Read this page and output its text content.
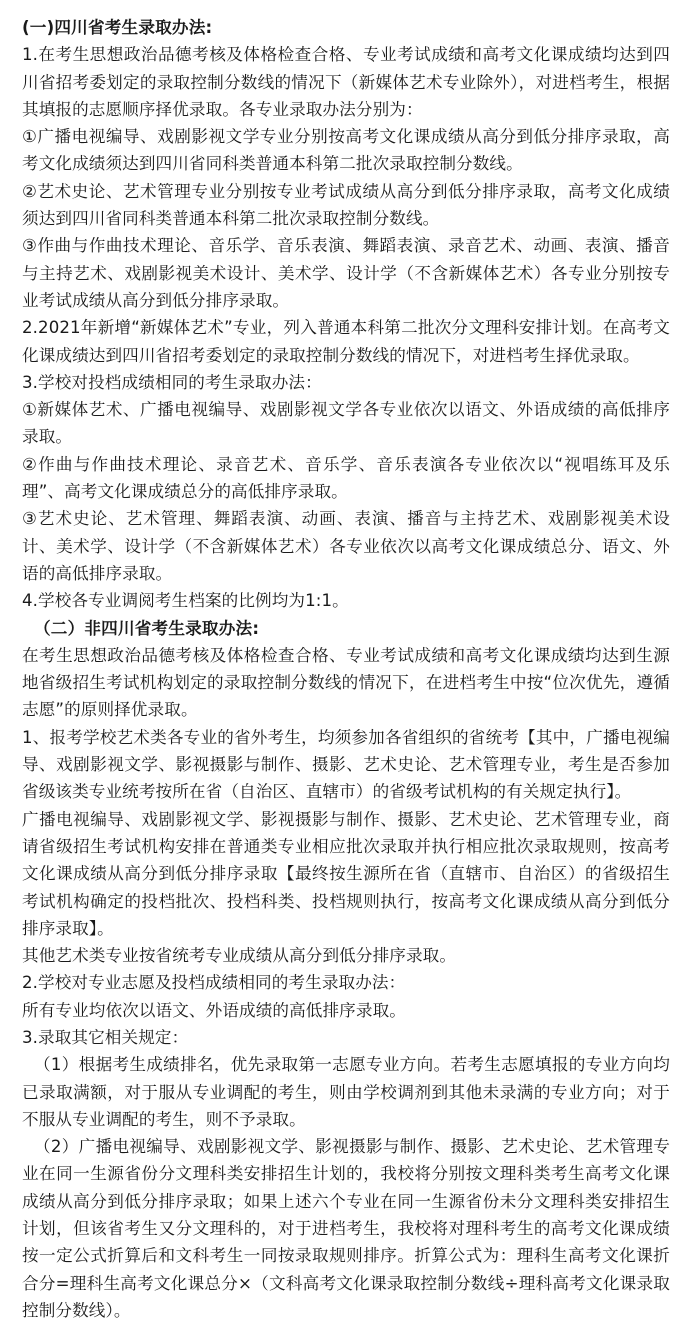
(一)四川省考生录取办法:

1.在考生思想政治品德考核及体格检查合格、专业考试成绩和高考文化课成绩均达到四川省招考委划定的录取控制分数线的情况下（新媒体艺术专业除外），对进档考生，根据其填报的志愿顺序择优录取。各专业录取办法分别为：

①广播电视编导、戏剧影视文学专业分别按高考文化课成绩从高分到低分排序录取，高考文化成绩须达到四川省同科类普通本科第二批次录取控制分数线。

②艺术史论、艺术管理专业分别按专业考试成绩从高分到低分排序录取，高考文化成绩须达到四川省同科类普通本科第二批次录取控制分数线。

③作曲与作曲技术理论、音乐学、音乐表演、舞蹈表演、录音艺术、动画、表演、播音与主持艺术、戏剧影视美术设计、美术学、设计学（不含新媒体艺术）各专业分别按专业考试成绩从高分到低分排序录取。

2.2021年新增“新媒体艺术”专业，列入普通本科第二批次分文理科安排计划。在高考文化课成绩达到四川省招考委划定的录取控制分数线的情况下，对进档考生择优录取。

3.学校对投档成绩相同的考生录取办法：

①新媒体艺术、广播电视编导、戏剧影视文学各专业依次以语文、外语成绩的高低排序录取。

②作曲与作曲技术理论、录音艺术、音乐学、音乐表演各专业依次以“视唱练耳及乐理”、高考文化课成绩总分的高低排序录取。

③艺术史论、艺术管理、舞蹈表演、动画、表演、播音与主持艺术、戏剧影视美术设计、美术学、设计学（不含新媒体艺术）各专业依次以高考文化课成绩总分、语文、外语的高低排序录取。

4.学校各专业调阅考生档案的比例均为1:1。

（二）非四川省考生录取办法:

在考生思想政治品德考核及体格检查合格、专业考试成绩和高考文化课成绩均达到生源地省级招生考试机构划定的录取控制分数线的情况下，在进档考生中按“位次优先，遵循志愿”的原则择优录取。

1、报考学校艺术类各专业的省外考生，均须参加各省组织的省统考【其中，广播电视编导、戏剧影视文学、影视摄影与制作、摄影、艺术史论、艺术管理专业，考生是否参加省级该类专业统考按所在省（自治区、直辖市）的省级考试机构的有关规定执行】。

广播电视编导、戏剧影视文学、影视摄影与制作、摄影、艺术史论、艺术管理专业，商请省级招生考试机构安排在普通类专业相应批次录取并执行相应批次录取规则，按高考文化课成绩从高分到低分排序录取【最终按生源所在省（直辖市、自治区）的省级招生考试机构确定的投档批次、投档科类、投档规则执行，按高考文化课成绩从高分到低分排序录取】。

其他艺术类专业按省统考专业成绩从高分到低分排序录取。

2.学校对专业志愿及投档成绩相同的考生录取办法：

所有专业均依次以语文、外语成绩的高低排序录取。

3.录取其它相关规定：

（1）根据考生成绩排名，优先录取第一志愿专业方向。若考生志愿填报的专业方向均已录取满额，对于服从专业调配的考生，则由学校调剂到其他未录满的专业方向；对于不服从专业调配的考生，则不予录取。

（2）广播电视编导、戏剧影视文学、影视摄影与制作、摄影、艺术史论、艺术管理专业在同一生源省份分文理科类安排招生计划的，我校将分别按文理科类考生高考文化课成绩从高分到低分排序录取；如果上述六个专业在同一生源省份未分文理科类安排招生计划，但该省考生又分文理科的，对于进档考生，我校将对理科考生的高考文化课成绩按一定公式折算后和文科考生一同按录取规则排序。折算公式为：理科生高考文化课折合分=理科生高考文化课总分×（文科高考文化课录取控制分数线÷理科高考文化课录取控制分数线）。
